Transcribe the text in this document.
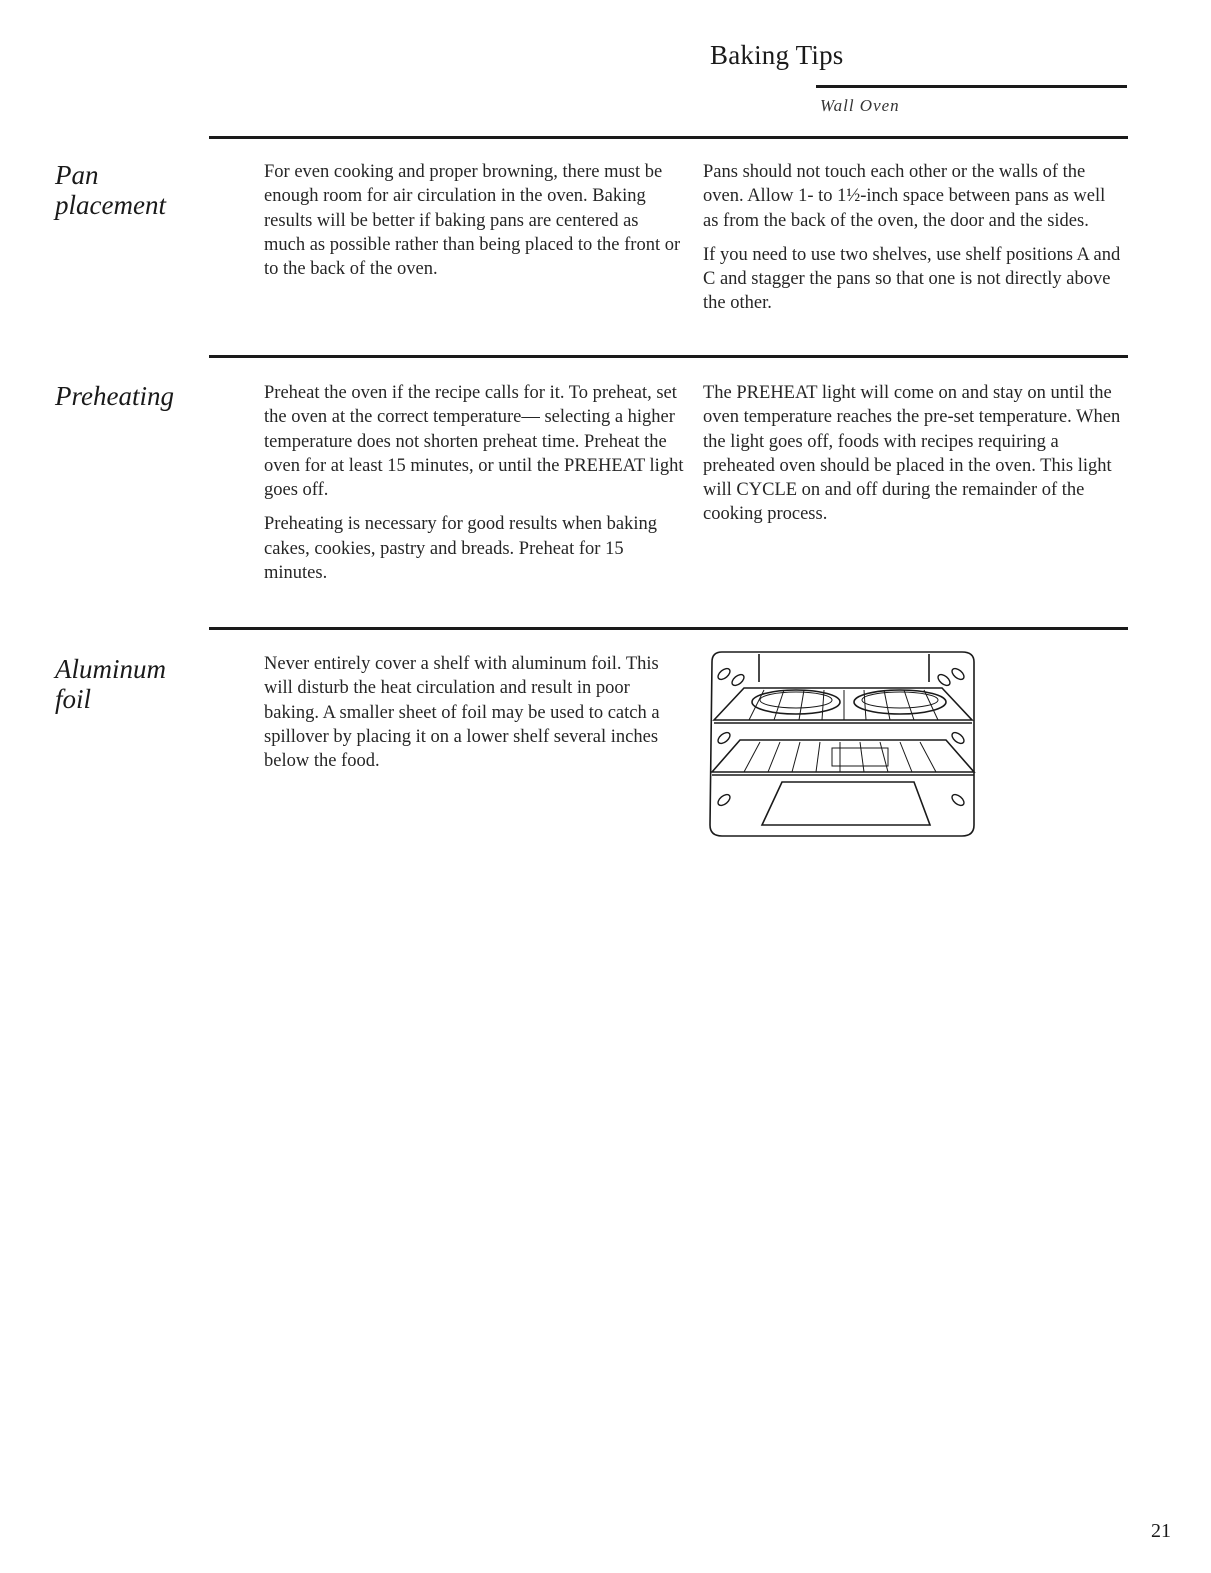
Baking Tips
Wall Oven
Pan
placement

For even cooking and proper browning, there must be enough room for air circulation in the oven. Baking results will be better if baking pans are centered as much as possible rather than being placed to the front or to the back of the oven.

Pans should not touch each other or the walls of the oven. Allow 1- to 1½-inch space between pans as well as from the back of the oven, the door and the sides.

If you need to use two shelves, use shelf positions A and C and stagger the pans so that one is not directly above the other.

Preheating	Preheat the oven if the recipe calls for it. To preheat, set the oven at the correct temperature— selecting a higher temperature does not shorten preheat time. Preheat the oven for at least 15 minutes, or until the PREHEAT light goes off.

Preheating is necessary for good results when baking cakes, cookies, pastry and breads. Preheat for 15 minutes.

The PREHEAT light will come on and stay on until the oven temperature reaches the pre-set temperature. When the light goes off, foods with recipes requiring a preheated oven should be placed in the oven. This light will CYCLE on and off during the remainder of the cooking process.

Aluminum
foil

Never entirely cover a shelf with aluminum foil. This will disturb the heat circulation and result in poor baking. A smaller sheet of foil may be used to catch a spillover by placing it on a lower shelf several inches below the food.

21
